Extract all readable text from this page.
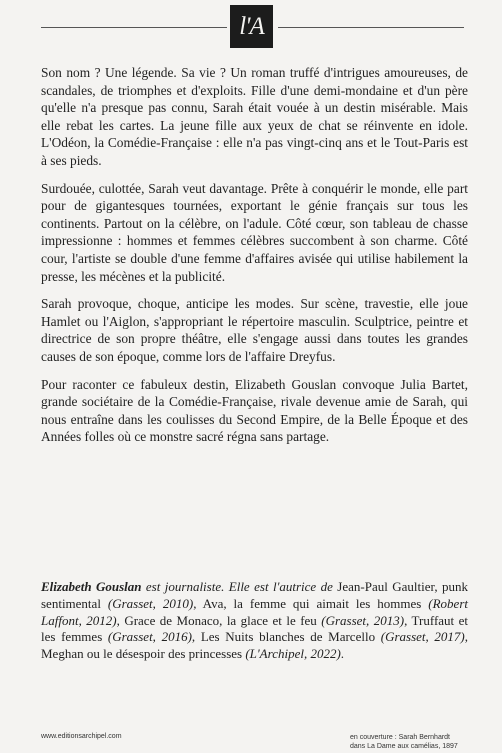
l'A

Son nom ? Une légende. Sa vie ? Un roman truffé d'intrigues amoureuses, de scandales, de triomphes et d'exploits. Fille d'une demi-mondaine et d'un père qu'elle n'a presque pas connu, Sarah était vouée à un destin misérable. Mais elle rebat les cartes. La jeune fille aux yeux de chat se réinvente en idole. L'Odéon, la Comédie-Française : elle n'a pas vingt-cinq ans et le Tout-Paris est à ses pieds.

Surdouée, culottée, Sarah veut davantage. Prête à conquérir le monde, elle part pour de gigantesques tournées, exportant le génie français sur tous les continents. Partout on la célèbre, on l'adule. Côté cœur, son tableau de chasse impressionne : hommes et femmes célèbres succombent à son charme. Côté cour, l'artiste se double d'une femme d'affaires avisée qui utilise habilement la presse, les mécènes et la publicité.

Sarah provoque, choque, anticipe les modes. Sur scène, travestie, elle joue Hamlet ou l'Aiglon, s'appropriant le répertoire masculin. Sculptrice, peintre et directrice de son propre théâtre, elle s'engage aussi dans toutes les grandes causes de son époque, comme lors de l'affaire Dreyfus.

Pour raconter ce fabuleux destin, Elizabeth Gouslan convoque Julia Bartet, grande sociétaire de la Comédie-Française, rivale devenue amie de Sarah, qui nous entraîne dans les coulisses du Second Empire, de la Belle Époque et des Années folles où ce monstre sacré régna sans partage.

Elizabeth Gouslan est journaliste. Elle est l'autrice de Jean-Paul Gaultier, punk sentimental (Grasset, 2010), Ava, la femme qui aimait les hommes (Robert Laffont, 2012), Grace de Monaco, la glace et le feu (Grasset, 2013), Truffaut et les femmes (Grasset, 2016), Les Nuits blanches de Marcello (Grasset, 2017), Meghan ou le désespoir des princesses (L'Archipel, 2022).
www.editionsarchipel.com	en couverture : Sarah Bernhardt
dans La Dame aux camélias, 1897
